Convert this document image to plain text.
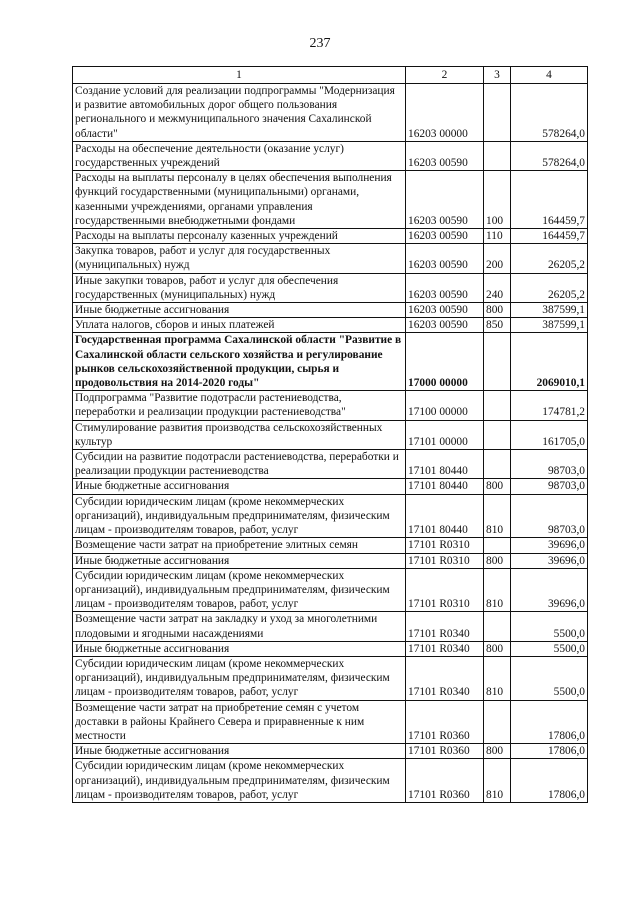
237
1	2	3	4
Создание условий для реализации подпрограммы "Модернизация и развитие автомобильных дорог общего пользования регионального и межмуниципального значения Сахалинской области"	16203 00000		578264,0
Расходы на обеспечение деятельности (оказание услуг) государственных учреждений	16203 00590		578264,0
Расходы на выплаты персоналу в целях обеспечения выполнения функций государственными (муниципальными) органами, казенными учреждениями, органами управления государственными внебюджетными фондами	16203 00590	100	164459,7
Расходы на выплаты персоналу казенных учреждений	16203 00590	110	164459,7
Закупка товаров, работ и услуг для государственных (муниципальных) нужд	16203 00590	200	26205,2
Иные закупки товаров, работ и услуг для обеспечения государственных (муниципальных) нужд	16203 00590	240	26205,2
Иные бюджетные ассигнования	16203 00590	800	387599,1
Уплата налогов, сборов и иных платежей	16203 00590	850	387599,1
Государственная программа Сахалинской области "Развитие в Сахалинской области сельского хозяйства и регулирование рынков сельскохозяйственной продукции, сырья и продовольствия на 2014-2020 годы"	17000 00000		2069010,1
Подпрограмма "Развитие подотрасли растениеводства, переработки и реализации продукции растениеводства"	17100 00000		174781,2
Стимулирование развития производства сельскохозяйственных культур	17101 00000		161705,0
Субсидии на развитие подотрасли растениеводства, переработки и реализации продукции растениеводства	17101 80440		98703,0
Иные бюджетные ассигнования	17101 80440	800	98703,0
Субсидии юридическим лицам (кроме некоммерческих организаций), индивидуальным предпринимателям, физическим лицам - производителям товаров, работ, услуг	17101 80440	810	98703,0
Возмещение части затрат на приобретение элитных семян	17101 R0310		39696,0
Иные бюджетные ассигнования	17101 R0310	800	39696,0
Субсидии юридическим лицам (кроме некоммерческих организаций), индивидуальным предпринимателям, физическим лицам - производителям товаров, работ, услуг	17101 R0310	810	39696,0
Возмещение части затрат на закладку и уход за многолетними плодовыми и ягодными насаждениями	17101 R0340		5500,0
Иные бюджетные ассигнования	17101 R0340	800	5500,0
Субсидии юридическим лицам (кроме некоммерческих организаций), индивидуальным предпринимателям, физическим лицам - производителям товаров, работ, услуг	17101 R0340	810	5500,0
Возмещение части затрат на приобретение семян с учетом доставки в районы Крайнего Севера и приравненные к ним местности	17101 R0360		17806,0
Иные бюджетные ассигнования	17101 R0360	800	17806,0
Субсидии юридическим лицам (кроме некоммерческих организаций), индивидуальным предпринимателям, физическим лицам - производителям товаров, работ, услуг	17101 R0360	810	17806,0
